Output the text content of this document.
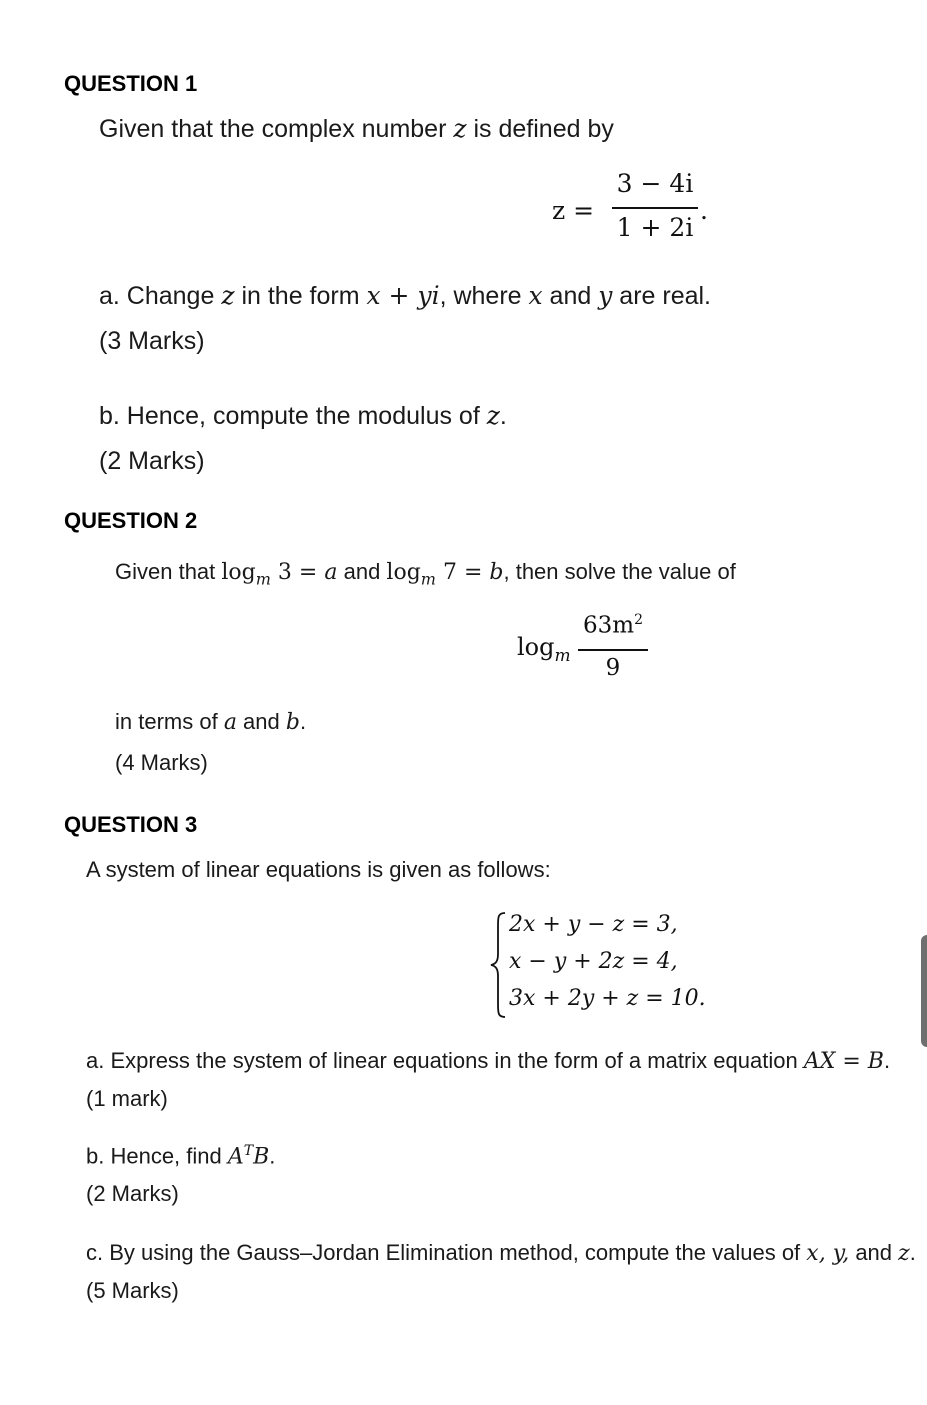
QUESTION 1
Given that the complex number z is defined by
z =
3 − 4i
1 + 2i
.
a. Change z in the form x + yi, where x and y are real.
(3 Marks)
b. Hence, compute the modulus of z.
(2 Marks)
QUESTION 2
Given that $\log_m 3 = a$ and $\log_m 7 = b$, then solve the value of
$\log_m$
$63m^2$
9
in terms of a and b.
(4 Marks)
QUESTION 3
A system of linear equations is given as follows:
2x + y − z = 3,
x − y + 2z = 4,
3x + 2y + z = 10.
a. Express the system of linear equations in the form of a matrix equation AX = B.
(1 mark)
b. Hence, find $A^TB$.
(2 Marks)
c. By using the Gauss–Jordan Elimination method, compute the values of x, y, and z.
(5 Marks)
